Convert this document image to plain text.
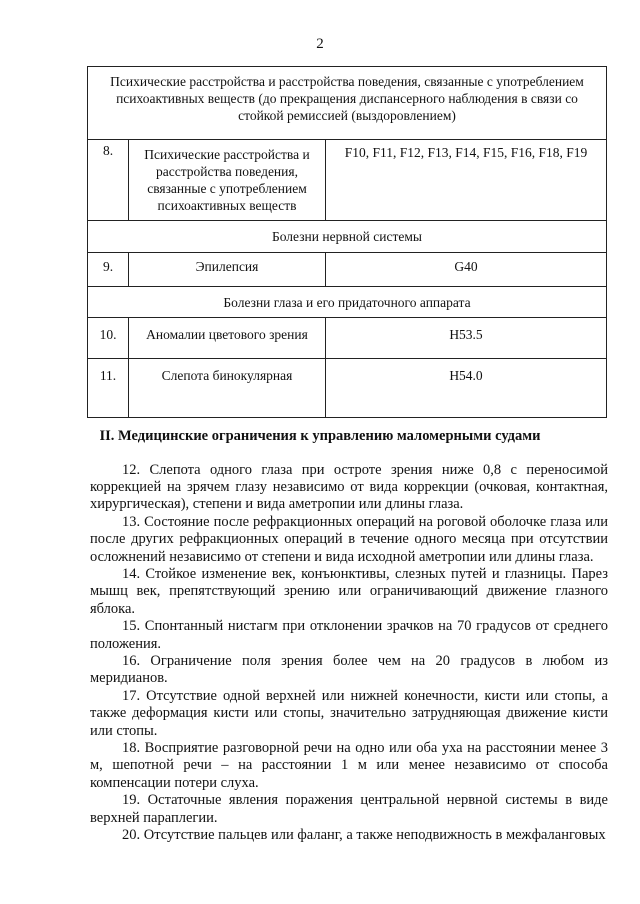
2
Психические расстройства и расстройства поведения, связанные с употреблением психоактивных веществ (до прекращения диспансерного наблюдения в связи со стойкой ремиссией (выздоровлением)		
8.	Психические расстройства и расстройства поведения, связанные с употреблением психоактивных веществ	F10, F11, F12, F13, F14, F15, F16, F18, F19
Болезни нервной системы		
9.	Эпилепсия	G40
Болезни глаза и его придаточного аппарата		
10.	Аномалии цветового зрения	H53.5
11.	Слепота бинокулярная	H54.0
II. Медицинские ограничения к управлению маломерными судами

12. Слепота одного глаза при остроте зрения ниже 0,8 с переносимой коррекцией на зрячем глазу независимо от вида коррекции (очковая, контактная, хирургическая), степени и вида аметропии или длины глаза.

13. Состояние после рефракционных операций на роговой оболочке глаза или после других рефракционных операций в течение одного месяца при отсутствии осложнений независимо от степени и вида исходной аметропии или длины глаза.

14. Стойкое изменение век, конъюнктивы, слезных путей и глазницы. Парез мышц век, препятствующий зрению или ограничивающий движение глазного яблока.

15. Спонтанный нистагм при отклонении зрачков на 70 градусов от среднего положения.

16. Ограничение поля зрения более чем на 20 градусов в любом из меридианов.

17. Отсутствие одной верхней или нижней конечности, кисти или стопы, а также деформация кисти или стопы, значительно затрудняющая движение кисти или стопы.

18. Восприятие разговорной речи на одно или оба уха на расстоянии менее 3 м, шепотной речи – на расстоянии 1 м или менее независимо от способа компенсации потери слуха.

19. Остаточные явления поражения центральной нервной системы в виде верхней параплегии.

20. Отсутствие пальцев или фаланг, а также неподвижность в межфаланговых
